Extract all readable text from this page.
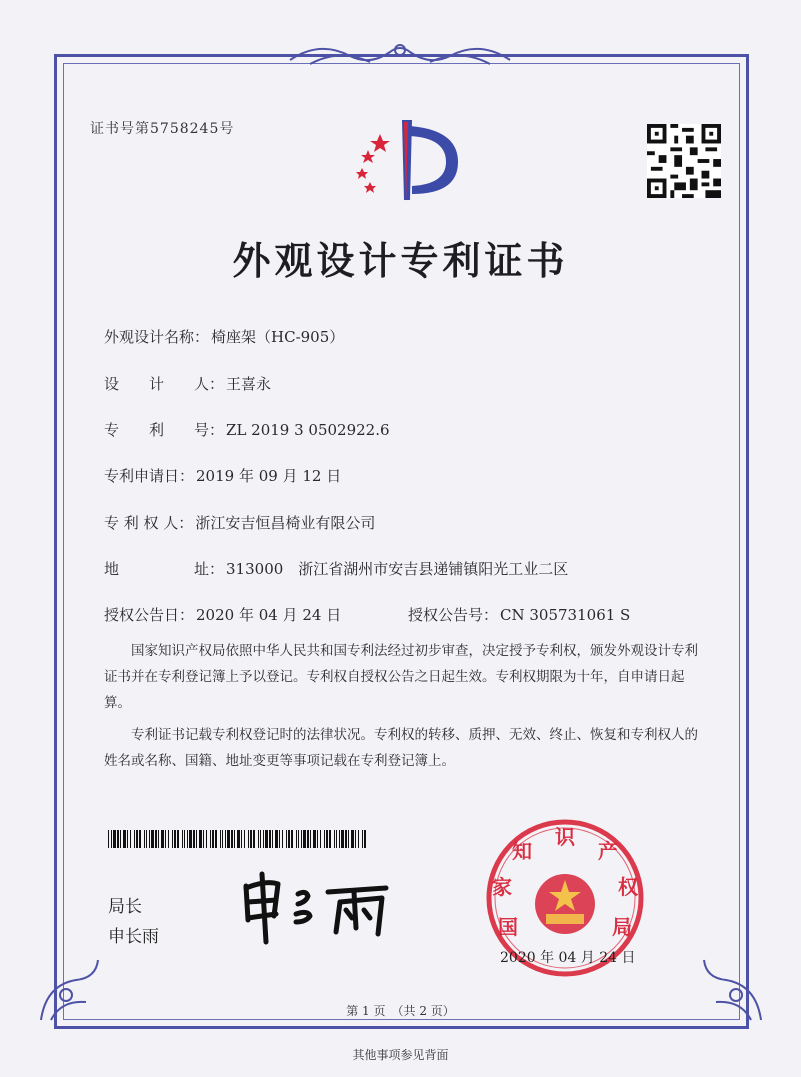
证书号第5758245号
外观设计专利证书
外观设计名称： 椅座架（HC-905）
设　　计　　人： 王喜永
专　　利　　号： ZL 2019 3 0502922.6
专利申请日： 2019 年 09 月 12 日
专 利 权 人： 浙江安吉恒昌椅业有限公司
地　　　　　址： 313000　浙江省湖州市安吉县递铺镇阳光工业二区
授权公告日： 2020 年 04 月 24 日	授权公告号： CN 305731061 S

国家知识产权局依照中华人民共和国专利法经过初步审查，决定授予专利权，颁发外观设计专利证书并在专利登记簿上予以登记。专利权自授权公告之日起生效。专利权期限为十年，自申请日起算。

专利证书记载专利权登记时的法律状况。专利权的转移、质押、无效、终止、恢复和专利权人的姓名或名称、国籍、地址变更等事项记载在专利登记簿上。

局长
申长雨	国
家
知
识
产
权
局
2020 年 04 月 24 日
第 1 页　（共 2 页）
其他事项参见背面
